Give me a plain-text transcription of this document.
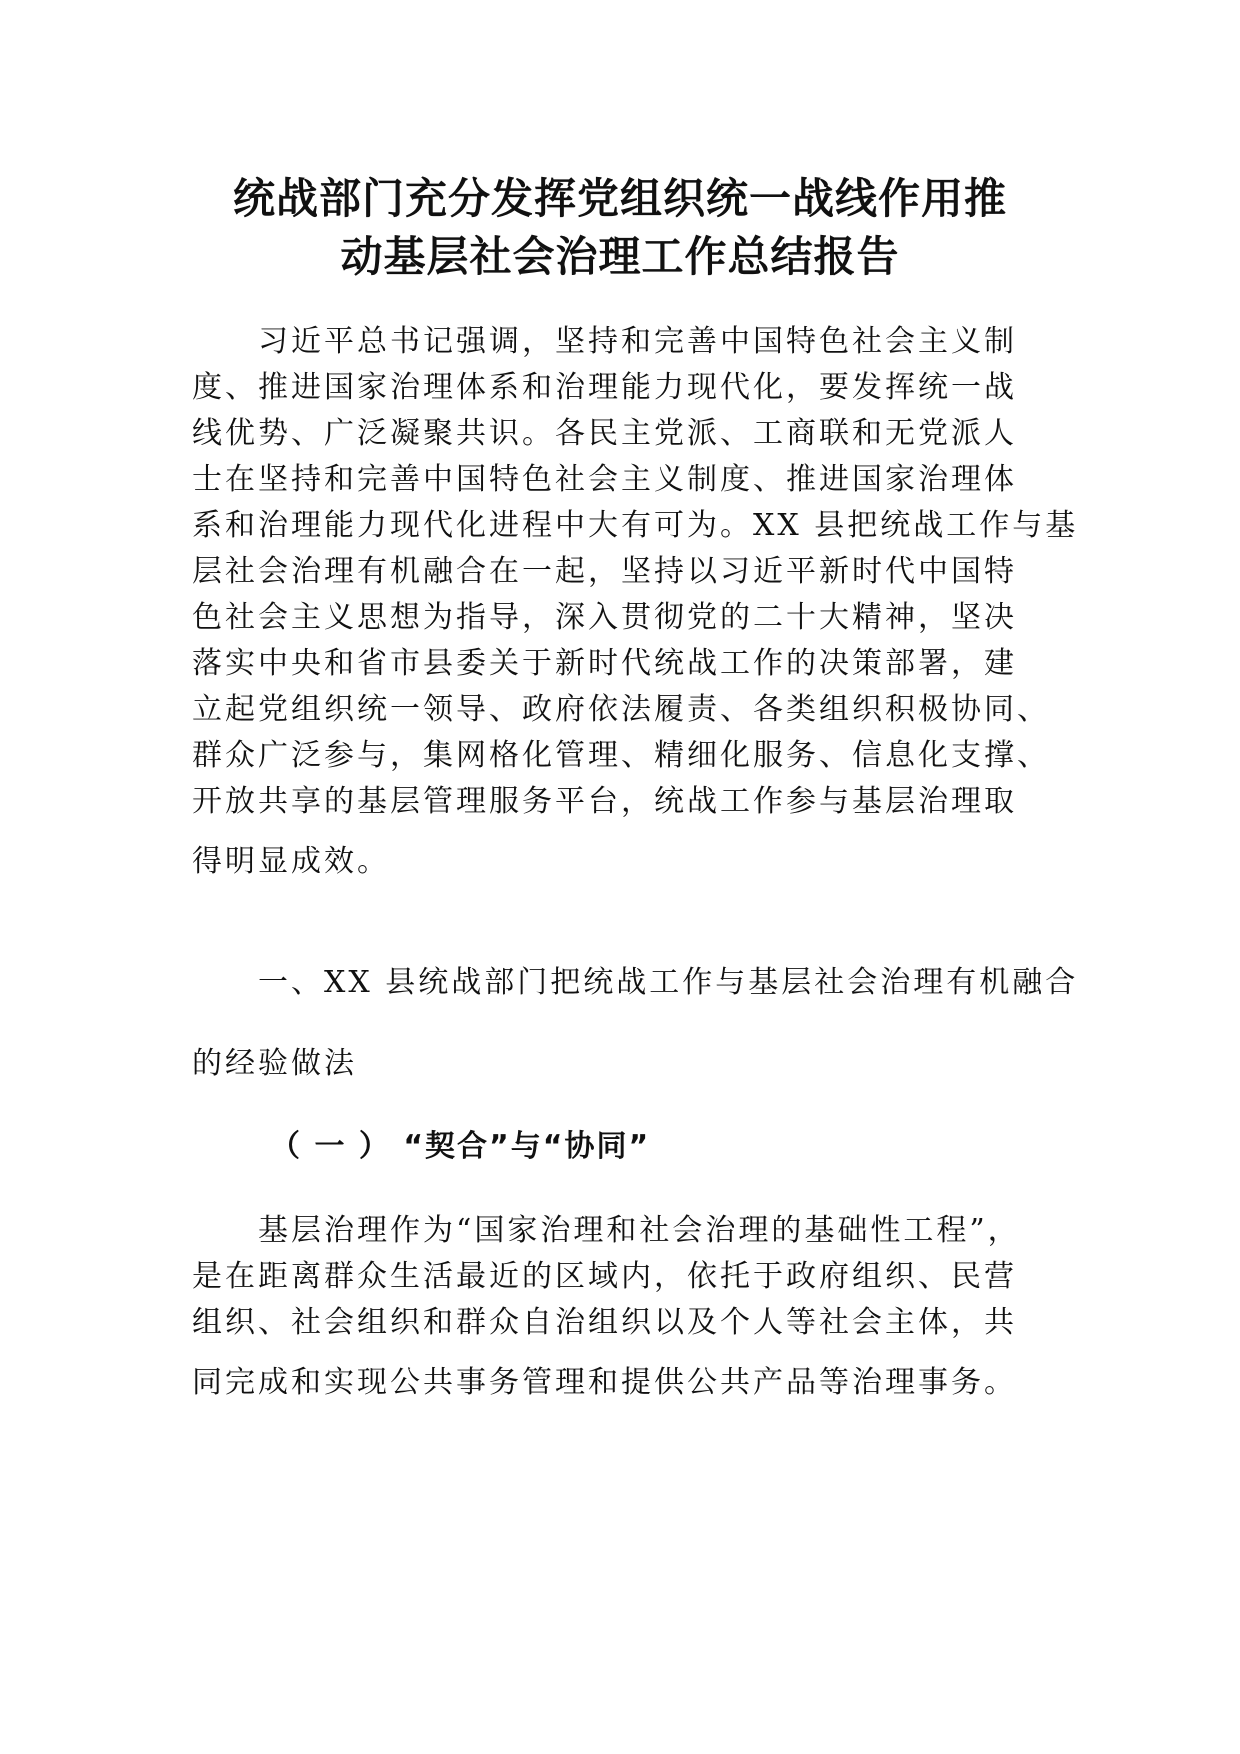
统战部门充分发挥党组织统一战线作用推
动基层社会治理工作总结报告
习近平总书记强调，坚持和完善中国特色社会主义制
度、推进国家治理体系和治理能力现代化，要发挥统一战
线优势、广泛凝聚共识。各民主党派、工商联和无党派人
士在坚持和完善中国特色社会主义制度、推进国家治理体
系和治理能力现代化进程中大有可为。XX 县把统战工作与基
层社会治理有机融合在一起，坚持以习近平新时代中国特
色社会主义思想为指导，深入贯彻党的二十大精神，坚决
落实中央和省市县委关于新时代统战工作的决策部署，建
立起党组织统一领导、政府依法履责、各类组织积极协同、
群众广泛参与，集网格化管理、精细化服务、信息化支撑、
开放共享的基层管理服务平台，统战工作参与基层治理取
得明显成效。
一、XX 县统战部门把统战工作与基层社会治理有机融合
的经验做法
（ 一 ） “契合”与“协同”
基层治理作为“国家治理和社会治理的基础性工程”，
是在距离群众生活最近的区域内，依托于政府组织、民营
组织、社会组织和群众自治组织以及个人等社会主体，共
同完成和实现公共事务管理和提供公共产品等治理事务。
